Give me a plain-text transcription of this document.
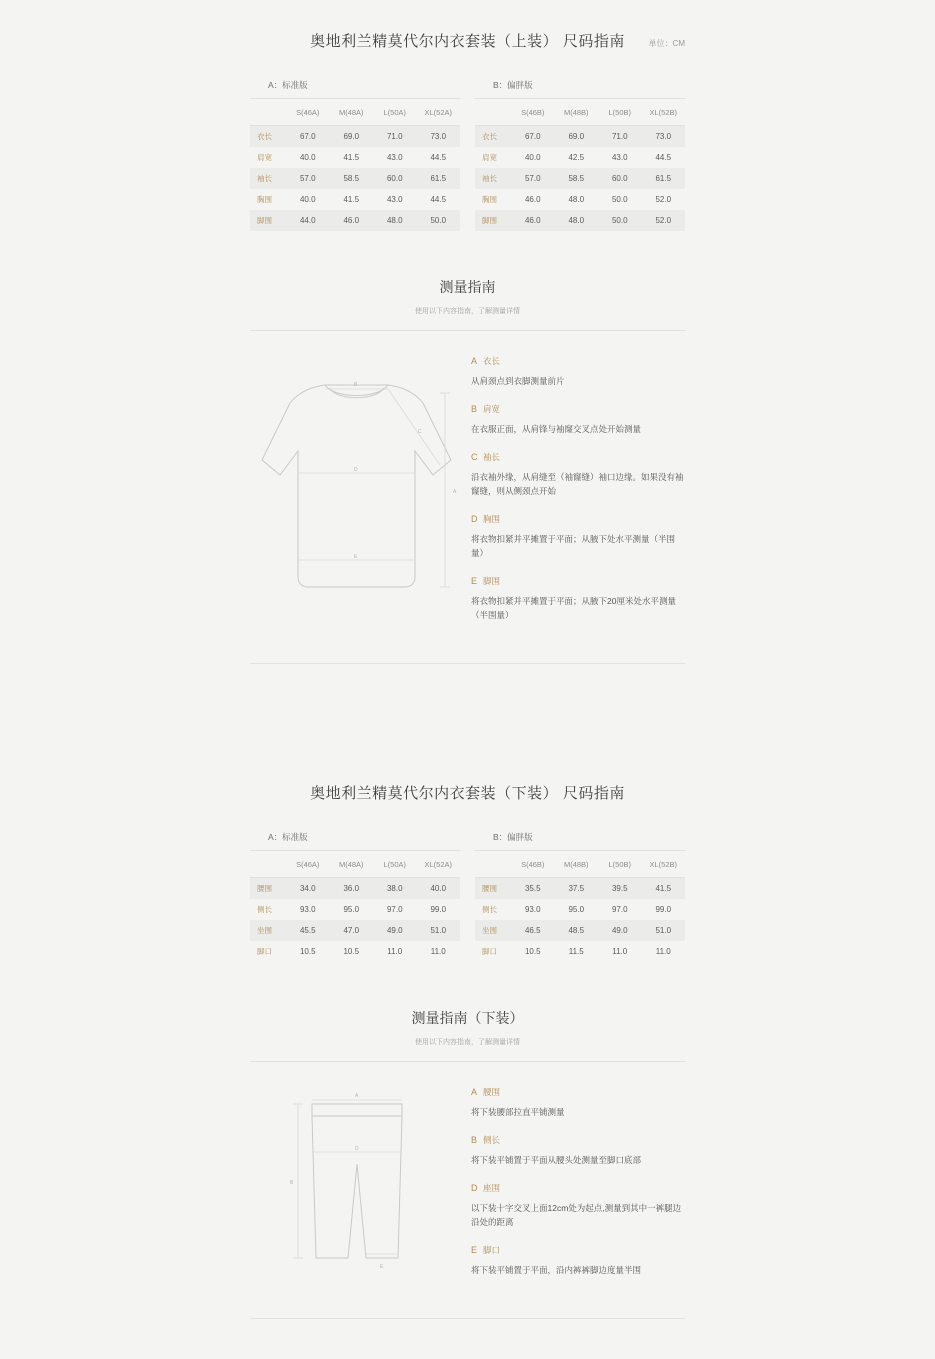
奥地利兰精莫代尔内衣套装（上装） 尺码指南	单位：CM
A：标准版
	S(46A)	M(48A)	L(50A)	XL(52A)
衣长	67.0	69.0	71.0	73.0
肩宽	40.0	41.5	43.0	44.5
袖长	57.0	58.5	60.0	61.5
胸围	40.0	41.5	43.0	44.5
脚围	44.0	46.0	48.0	50.0
B：偏胖版
	S(46B)	M(48B)	L(50B)	XL(52B)
衣长	67.0	69.0	71.0	73.0
肩宽	40.0	42.5	43.0	44.5
袖长	57.0	58.5	60.0	61.5
胸围	46.0	48.0	50.0	52.0
脚围	46.0	48.0	50.0	52.0
测量指南
使用以下内容指南，了解测量详情
A
B
C
D
E
A 衣长
从肩颈点到衣脚测量前片
B 肩宽
在衣服正面，从肩锋与袖窿交叉点处开始测量
C 袖长
沿衣袖外缘，从肩缝至（袖窿缝）袖口边缘。如果没有袖窿缝，则从侧颈点开始
D 胸围
将衣物扣紧并平摊置于平面；从腋下处水平测量（半围量）
E 脚围
将衣物扣紧并平摊置于平面；从腋下20厘米处水平测量（半围量）
奥地利兰精莫代尔内衣套装（下装） 尺码指南
A：标准版
	S(46A)	M(48A)	L(50A)	XL(52A)
腰围	34.0	36.0	38.0	40.0
侧长	93.0	95.0	97.0	99.0
坐围	45.5	47.0	49.0	51.0
脚口	10.5	10.5	11.0	11.0
B：偏胖版
	S(46B)	M(48B)	L(50B)	XL(52B)
腰围	35.5	37.5	39.5	41.5
侧长	93.0	95.0	97.0	99.0
坐围	46.5	48.5	49.0	51.0
脚口	10.5	11.5	11.0	11.0
测量指南（下装）
使用以下内容指南，了解测量详情
B
A
D
E
A 腰围
将下装腰部拉直平铺测量
B 侧长
将下装平铺置于平面从腰头处测量至脚口底部
D 座围
以下装十字交叉上面12cm处为起点,测量到其中一裤腿边沿处的距离
E 脚口
将下装平铺置于平面，沿内裤裤脚边度量半围
